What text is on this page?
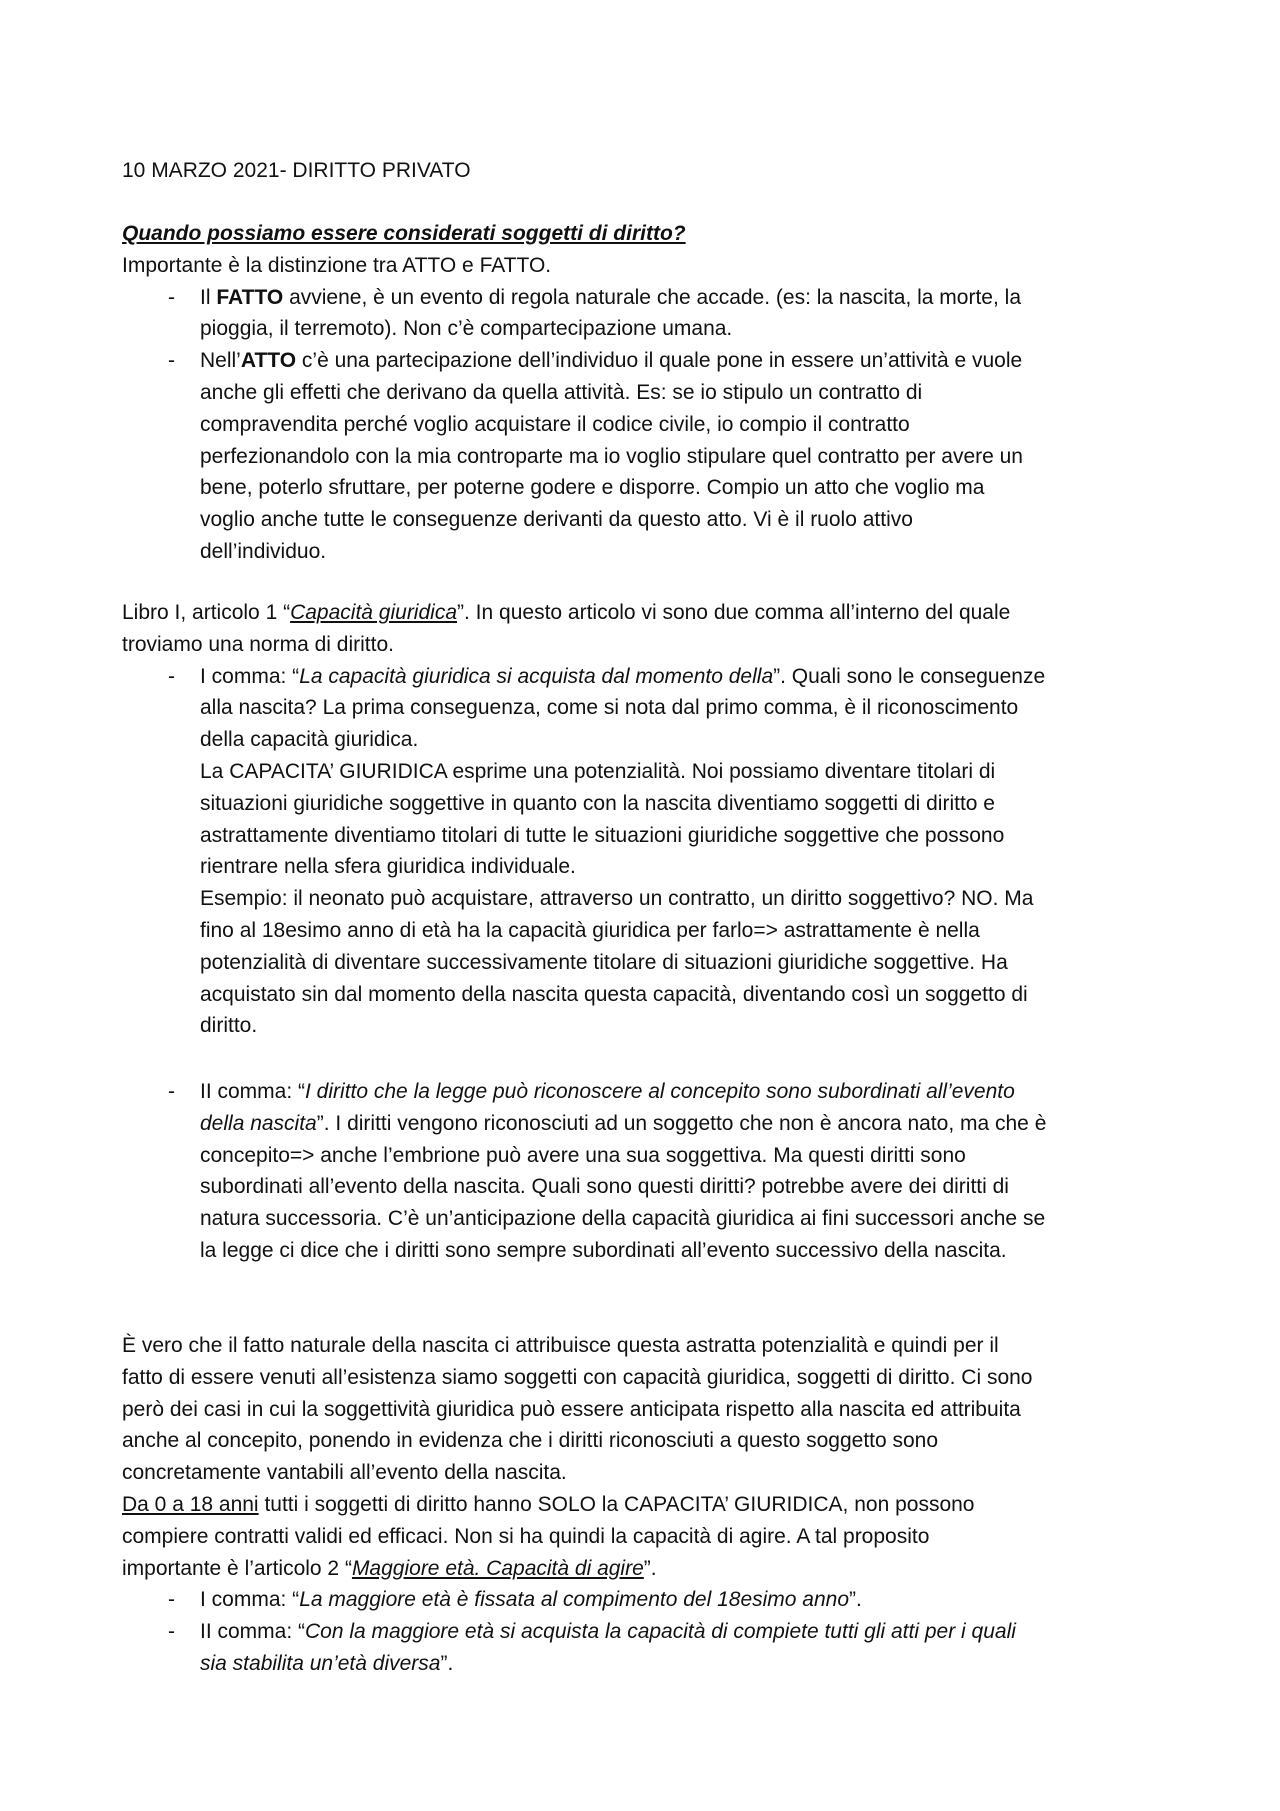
10 MARZO 2021- DIRITTO PRIVATO
Quando possiamo essere considerati soggetti di diritto?
Importante è la distinzione tra ATTO e FATTO.
- Il FATTO avviene, è un evento di regola naturale che accade. (es: la nascita, la morte, la
pioggia, il terremoto). Non c’è compartecipazione umana.
- Nell’ATTO c’è una partecipazione dell’individuo il quale pone in essere un’attività e vuole
anche gli effetti che derivano da quella attività. Es: se io stipulo un contratto di
compravendita perché voglio acquistare il codice civile, io compio il contratto
perfezionandolo con la mia controparte ma io voglio stipulare quel contratto per avere un
bene, poterlo sfruttare, per poterne godere e disporre. Compio un atto che voglio ma
voglio anche tutte le conseguenze derivanti da questo atto. Vi è il ruolo attivo
dell’individuo.
Libro I, articolo 1 “Capacità giuridica”. In questo articolo vi sono due comma all’interno del quale
troviamo una norma di diritto.
- I comma: “La capacità giuridica si acquista dal momento della”. Quali sono le conseguenze
alla nascita? La prima conseguenza, come si nota dal primo comma, è il riconoscimento
della capacità giuridica.
La CAPACITA’ GIURIDICA esprime una potenzialità. Noi possiamo diventare titolari di
situazioni giuridiche soggettive in quanto con la nascita diventiamo soggetti di diritto e
astrattamente diventiamo titolari di tutte le situazioni giuridiche soggettive che possono
rientrare nella sfera giuridica individuale.
Esempio: il neonato può acquistare, attraverso un contratto, un diritto soggettivo? NO. Ma
fino al 18esimo anno di età ha la capacità giuridica per farlo=> astrattamente è nella
potenzialità di diventare successivamente titolare di situazioni giuridiche soggettive. Ha
acquistato sin dal momento della nascita questa capacità, diventando così un soggetto di
diritto.
- II comma: “I diritto che la legge può riconoscere al concepito sono subordinati all’evento
della nascita”. I diritti vengono riconosciuti ad un soggetto che non è ancora nato, ma che è
concepito=> anche l’embrione può avere una sua soggettiva. Ma questi diritti sono
subordinati all’evento della nascita. Quali sono questi diritti? potrebbe avere dei diritti di
natura successoria. C’è un’anticipazione della capacità giuridica ai fini successori anche se
la legge ci dice che i diritti sono sempre subordinati all’evento successivo della nascita.
È vero che il fatto naturale della nascita ci attribuisce questa astratta potenzialità e quindi per il
fatto di essere venuti all’esistenza siamo soggetti con capacità giuridica, soggetti di diritto. Ci sono
però dei casi in cui la soggettività giuridica può essere anticipata rispetto alla nascita ed attribuita
anche al concepito, ponendo in evidenza che i diritti riconosciuti a questo soggetto sono
concretamente vantabili all’evento della nascita.
Da 0 a 18 anni tutti i soggetti di diritto hanno SOLO la CAPACITA’ GIURIDICA, non possono
compiere contratti validi ed efficaci. Non si ha quindi la capacità di agire. A tal proposito
importante è l’articolo 2 “Maggiore età. Capacità di agire”.
- I comma: “La maggiore età è fissata al compimento del 18esimo anno”.
- II comma: “Con la maggiore età si acquista la capacità di compiete tutti gli atti per i quali
sia stabilita un’età diversa”.
